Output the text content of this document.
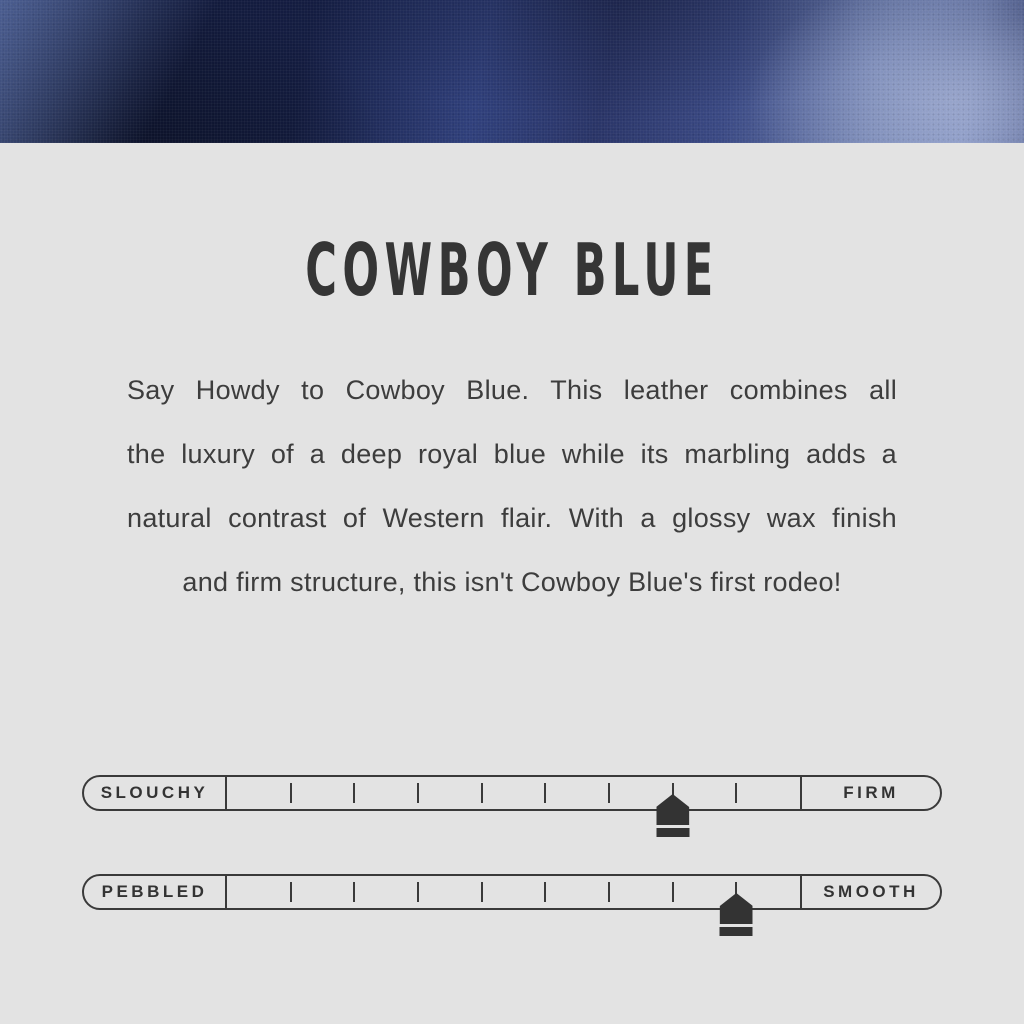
COWBOY BLUE
Say Howdy to Cowboy Blue. This leather combines all
the luxury of a deep royal blue while its marbling adds a
natural contrast of Western flair. With a glossy wax finish
and firm structure, this isn't Cowboy Blue's first rodeo!
SLOUCHY	FIRM
PEBBLED	SMOOTH
